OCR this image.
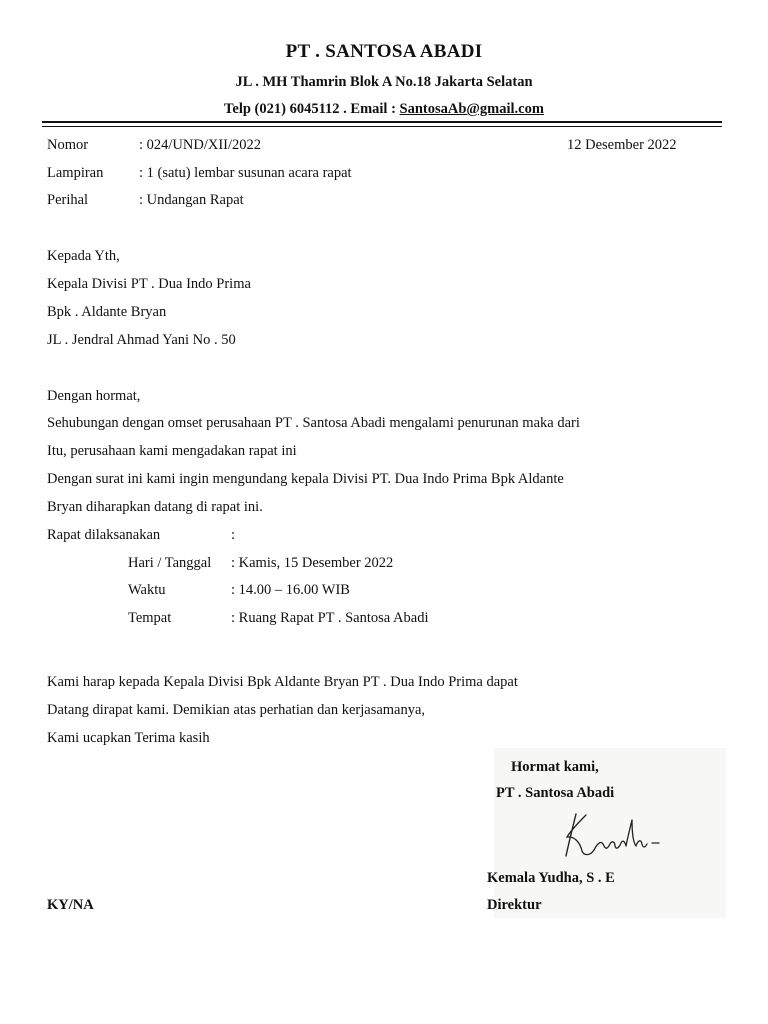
PT . SANTOSA ABADI
JL . MH Thamrin Blok A No.18 Jakarta Selatan
Telp (021) 6045112 . Email : SantosaAb@gmail.com
Nomor	: 024/UND/XII/2022	12 Desember 2022
Lampiran : 1 (satu) lembar susunan acara rapat
Perihal	: Undangan Rapat
Kepada Yth,
Kepala Divisi PT . Dua Indo Prima
Bpk . Aldante Bryan
JL . Jendral Ahmad Yani No . 50
Dengan hormat,
Sehubungan dengan omset perusahaan PT . Santosa Abadi mengalami penurunan maka dari
Itu, perusahaan kami mengadakan rapat ini
Dengan surat ini kami ingin mengundang kepala Divisi PT. Dua Indo Prima Bpk Aldante
Bryan diharapkan datang di rapat ini.
Rapat dilaksanakan	:
Hari / Tanggal : Kamis, 15 Desember 2022
Waktu	: 14.00 – 16.00 WIB
Tempat	: Ruang Rapat PT . Santosa Abadi
Kami harap kepada Kepala Divisi Bpk Aldante Bryan PT . Dua Indo Prima dapat
Datang dirapat kami. Demikian atas perhatian dan kerjasamanya,
Kami ucapkan Terima kasih
Hormat kami,
PT . Santosa Abadi
Kemala Yudha, S . E
Direktur
KY/NA
